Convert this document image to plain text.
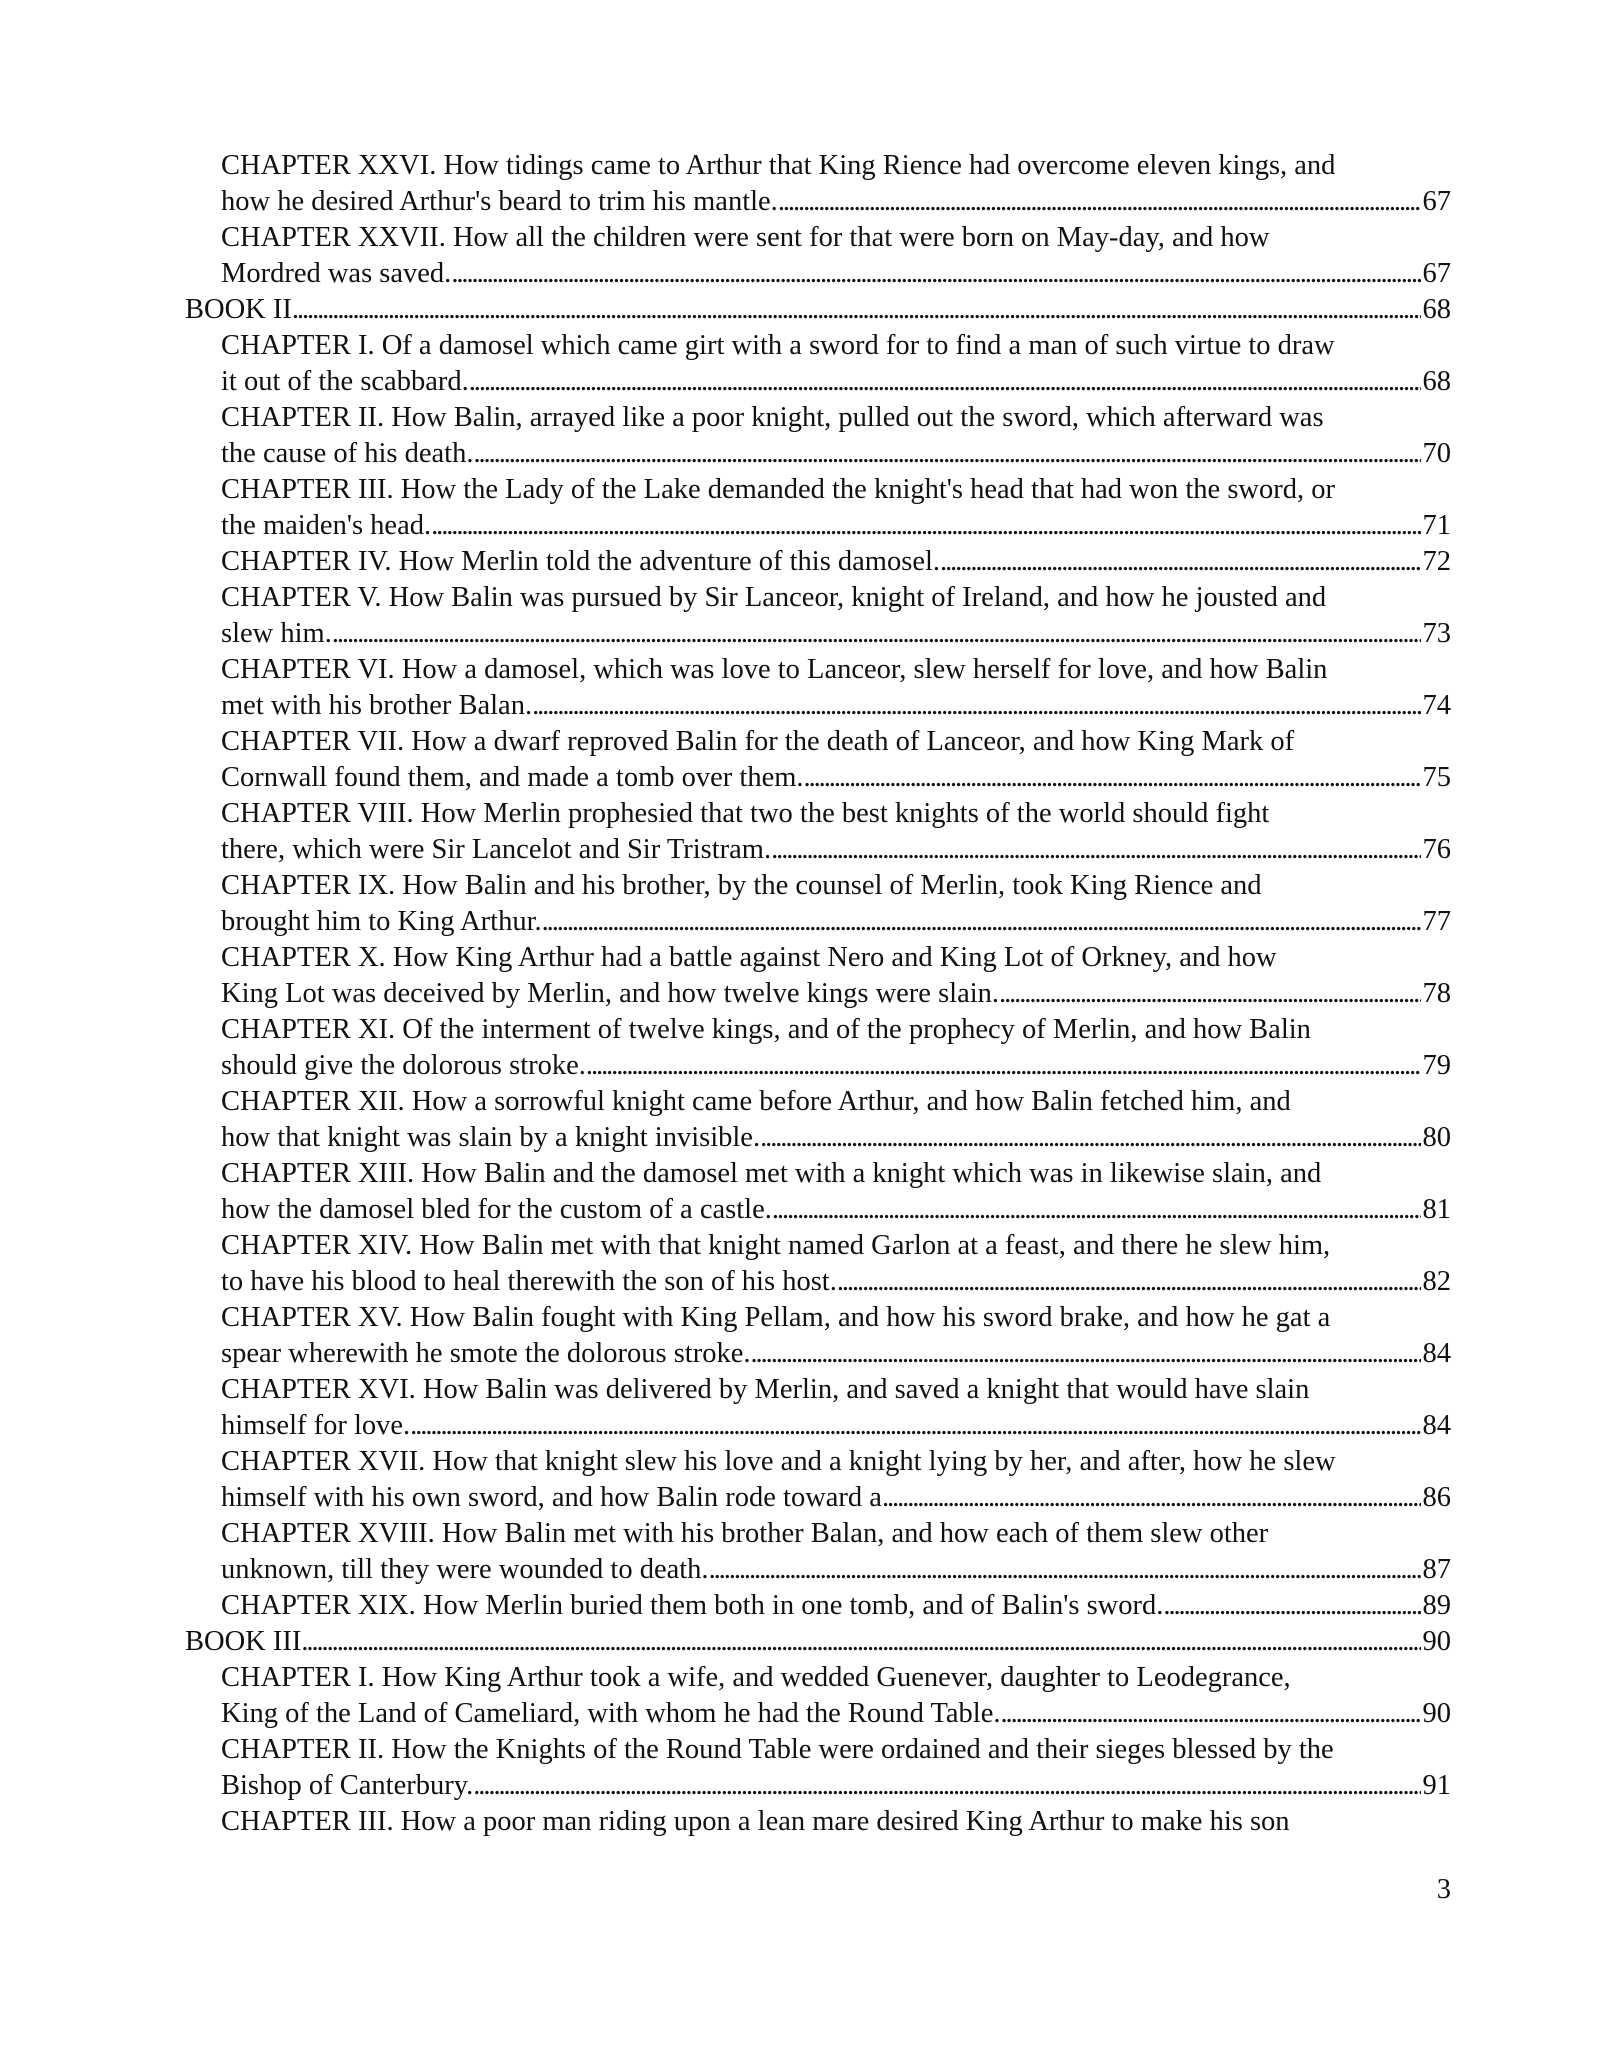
CHAPTER XXVI. How tidings came to Arthur that King Rience had overcome eleven kings, and
how he desired Arthur's beard to trim his mantle. . . .	67
CHAPTER XXVII. How all the children were sent for that were born on May-day, and how
Mordred was saved. . . .	67
BOOK II . . .	68
CHAPTER I. Of a damosel which came girt with a sword for to find a man of such virtue to draw
it out of the scabbard. . . .	68
CHAPTER II. How Balin, arrayed like a poor knight, pulled out the sword, which afterward was
the cause of his death. . . .	70
CHAPTER III. How the Lady of the Lake demanded the knight's head that had won the sword, or
the maiden's head. . . .	71
CHAPTER IV. How Merlin told the adventure of this damosel. . . .	72
CHAPTER V. How Balin was pursued by Sir Lanceor, knight of Ireland, and how he jousted and
slew him. . . .	73
CHAPTER VI. How a damosel, which was love to Lanceor, slew herself for love, and how Balin
met with his brother Balan. . . .	74
CHAPTER VII. How a dwarf reproved Balin for the death of Lanceor, and how King Mark of
Cornwall found them, and made a tomb over them. . . .	75
CHAPTER VIII. How Merlin prophesied that two the best knights of the world should fight
there, which were Sir Lancelot and Sir Tristram. . . .	76
CHAPTER IX. How Balin and his brother, by the counsel of Merlin, took King Rience and
brought him to King Arthur. . . .	77
CHAPTER X. How King Arthur had a battle against Nero and King Lot of Orkney, and how
King Lot was deceived by Merlin, and how twelve kings were slain. . . .	78
CHAPTER XI. Of the interment of twelve kings, and of the prophecy of Merlin, and how Balin
should give the dolorous stroke. . . .	79
CHAPTER XII. How a sorrowful knight came before Arthur, and how Balin fetched him, and
how that knight was slain by a knight invisible. . . .	80
CHAPTER XIII. How Balin and the damosel met with a knight which was in likewise slain, and
how the damosel bled for the custom of a castle. . . .	81
CHAPTER XIV. How Balin met with that knight named Garlon at a feast, and there he slew him,
to have his blood to heal therewith the son of his host. . . .	82
CHAPTER XV. How Balin fought with King Pellam, and how his sword brake, and how he gat a
spear wherewith he smote the dolorous stroke. . . .	84
CHAPTER XVI. How Balin was delivered by Merlin, and saved a knight that would have slain
himself for love. . . .	84
CHAPTER XVII. How that knight slew his love and a knight lying by her, and after, how he slew
himself with his own sword, and how Balin rode toward a . . .	86
CHAPTER XVIII. How Balin met with his brother Balan, and how each of them slew other
unknown, till they were wounded to death. . . .	87
CHAPTER XIX. How Merlin buried them both in one tomb, and of Balin's sword. . . .	89
BOOK III . . .	90
CHAPTER I. How King Arthur took a wife, and wedded Guenever, daughter to Leodegrance,
King of the Land of Cameliard, with whom he had the Round Table. . . .	90
CHAPTER II. How the Knights of the Round Table were ordained and their sieges blessed by the
Bishop of Canterbury. . . .	91
CHAPTER III. How a poor man riding upon a lean mare desired King Arthur to make his son
3
